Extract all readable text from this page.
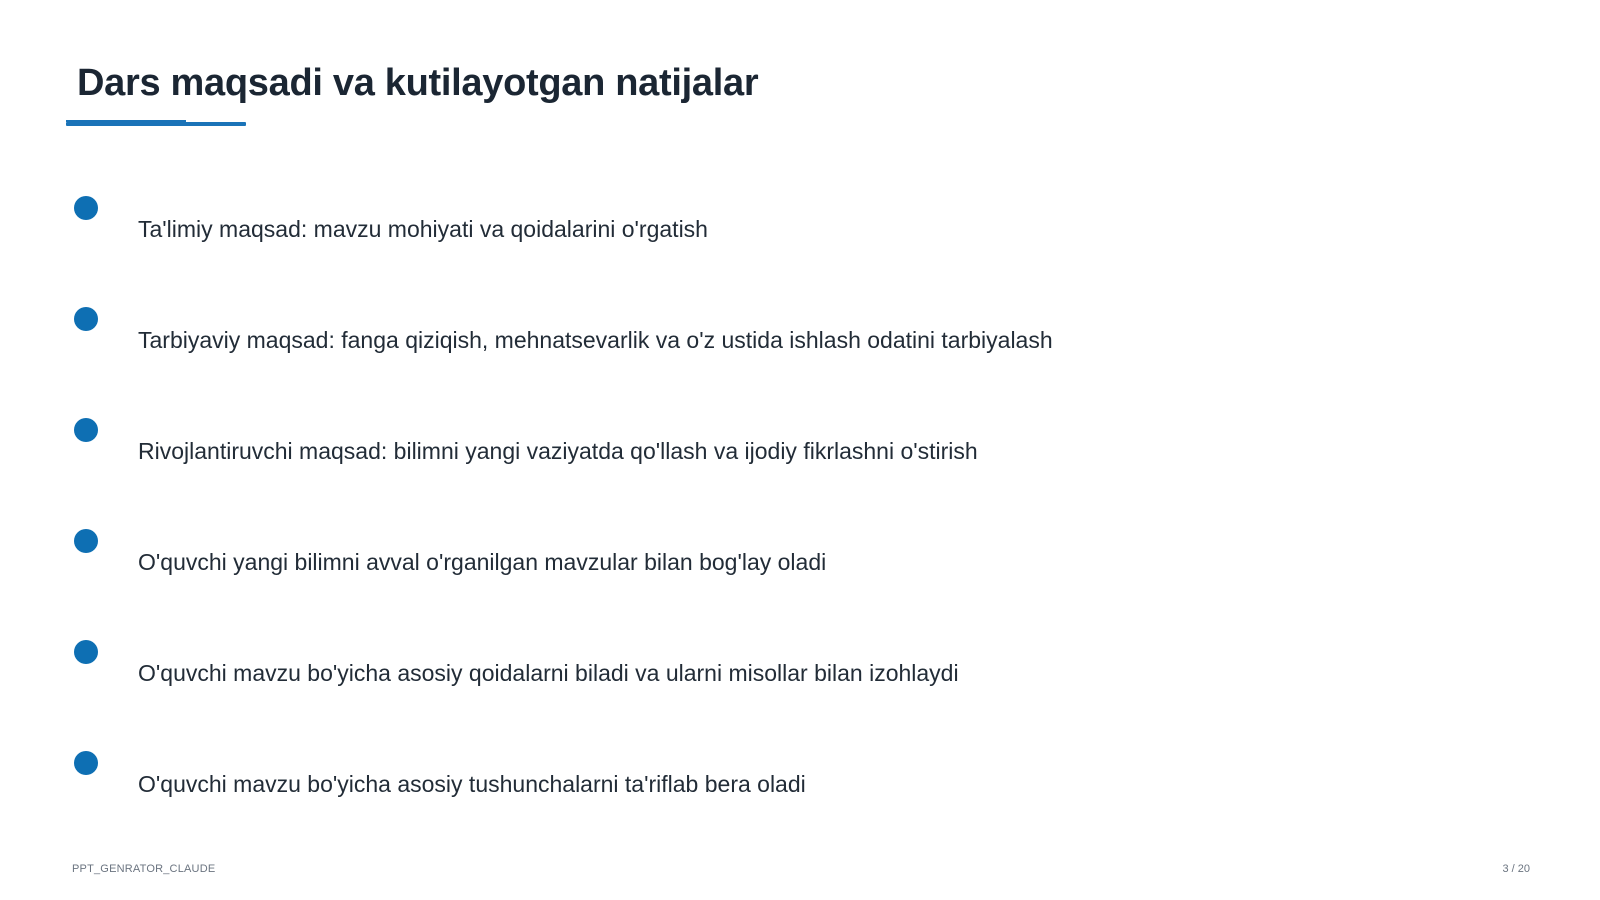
Dars maqsadi va kutilayotgan natijalar
Ta'limiy maqsad: mavzu mohiyati va qoidalarini o'rgatish
Tarbiyaviy maqsad: fanga qiziqish, mehnatsevarlik va o'z ustida ishlash odatini tarbiyalash
Rivojlantiruvchi maqsad: bilimni yangi vaziyatda qo'llash va ijodiy fikrlashni o'stirish
O'quvchi yangi bilimni avval o'rganilgan mavzular bilan bog'lay oladi
O'quvchi mavzu bo'yicha asosiy qoidalarni biladi va ularni misollar bilan izohlaydi
O'quvchi mavzu bo'yicha asosiy tushunchalarni ta'riflab bera oladi
PPT_GENRATOR_CLAUDE	3 / 20
